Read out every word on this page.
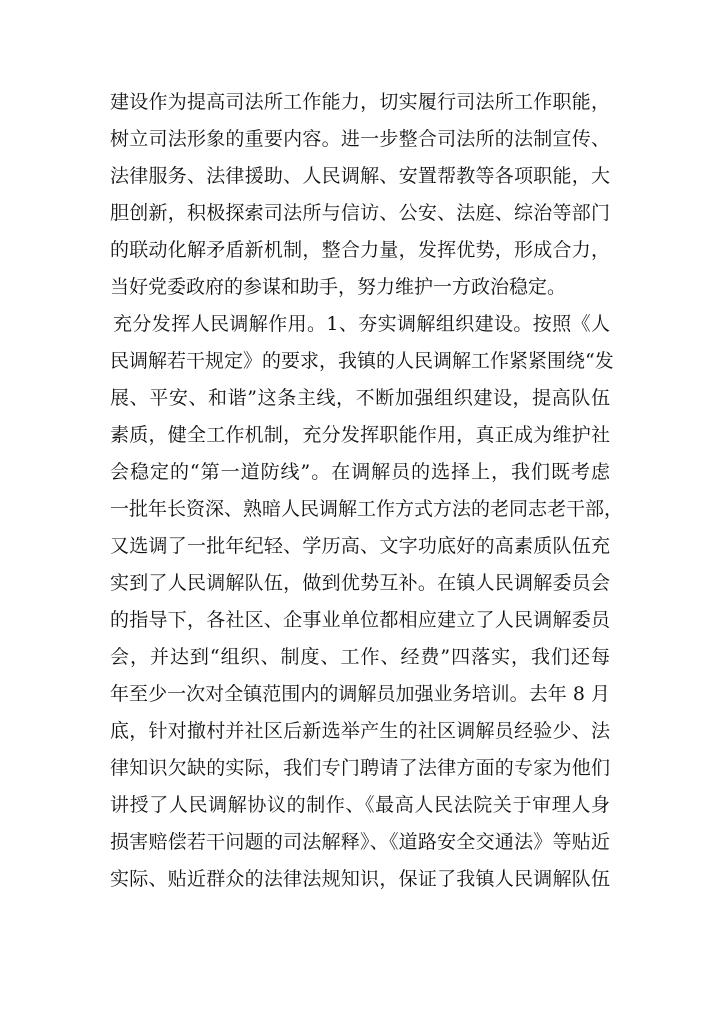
建设作为提高司法所工作能力，切实履行司法所工作职能，
树立司法形象的重要内容。进一步整合司法所的法制宣传、
法律服务、法律援助、人民调解、安置帮教等各项职能，大
胆创新，积极探索司法所与信访、公安、法庭、综治等部门
的联动化解矛盾新机制，整合力量，发挥优势，形成合力，
当好党委政府的参谋和助手，努力维护一方政治稳定。
充分发挥人民调解作用。1、夯实调解组织建设。按照《人
民调解若干规定》的要求，我镇的人民调解工作紧紧围绕“发
展、平安、和谐”这条主线，不断加强组织建设，提高队伍
素质，健全工作机制，充分发挥职能作用，真正成为维护社
会稳定的“第一道防线”。在调解员的选择上，我们既考虑
一批年长资深、熟暗人民调解工作方式方法的老同志老干部，
又选调了一批年纪轻、学历高、文字功底好的高素质队伍充
实到了人民调解队伍，做到优势互补。在镇人民调解委员会
的指导下，各社区、企事业单位都相应建立了人民调解委员
会，并达到“组织、制度、工作、经费”四落实，我们还每
年至少一次对全镇范围内的调解员加强业务培训。去年 8 月
底，针对撤村并社区后新选举产生的社区调解员经验少、法
律知识欠缺的实际，我们专门聘请了法律方面的专家为他们
讲授了人民调解协议的制作、《最高人民法院关于审理人身
损害赔偿若干问题的司法解释》、《道路安全交通法》等贴近
实际、贴近群众的法律法规知识，保证了我镇人民调解队伍
